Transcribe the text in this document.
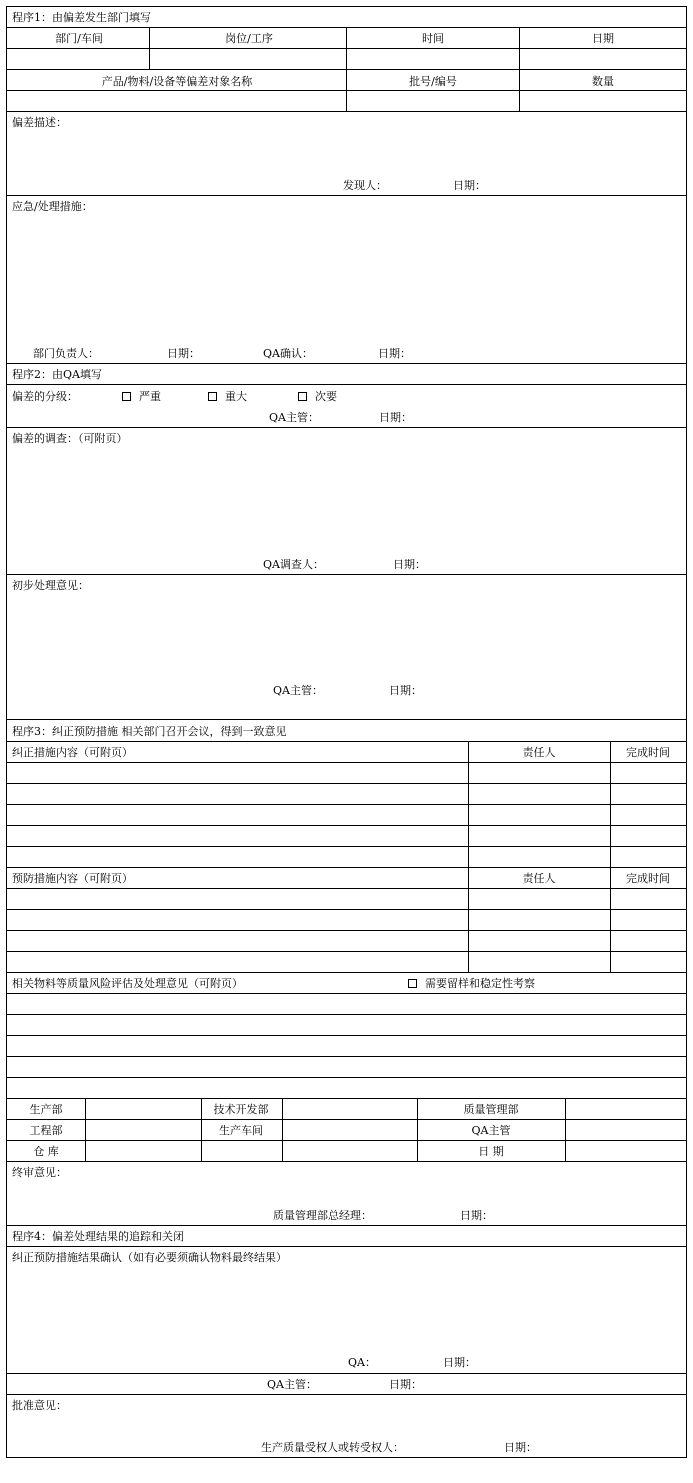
程序1：由偏差发生部门填写
部门/车间	岗位/工序	时间	日期
产品/物料/设备等偏差对象名称	批号/编号	数量
偏差描述：
发现人：	日期：
应急/处理措施：
部门负责人：	日期：	QA确认：	日期：
程序2：由QA填写
偏差的分级：	严重	重大	次要
QA主管：	日期：
偏差的调查：（可附页）
QA调查人：	日期：
初步处理意见：
QA主管：	日期：
程序3：纠正预防措施 相关部门召开会议，得到一致意见
纠正措施内容（可附页）	责任人	完成时间
预防措施内容（可附页）	责任人	完成时间
相关物料等质量风险评估及处理意见（可附页）	需要留样和稳定性考察
生产部	技术开发部	质量管理部
工程部	生产车间	QA主管
仓 库	日 期
终审意见：
质量管理部总经理：	日期：
程序4：偏差处理结果的追踪和关闭
纠正预防措施结果确认（如有必要须确认物料最终结果）
QA：	日期：
QA主管：	日期：
批准意见：
生产质量受权人或转受权人：	日期：
